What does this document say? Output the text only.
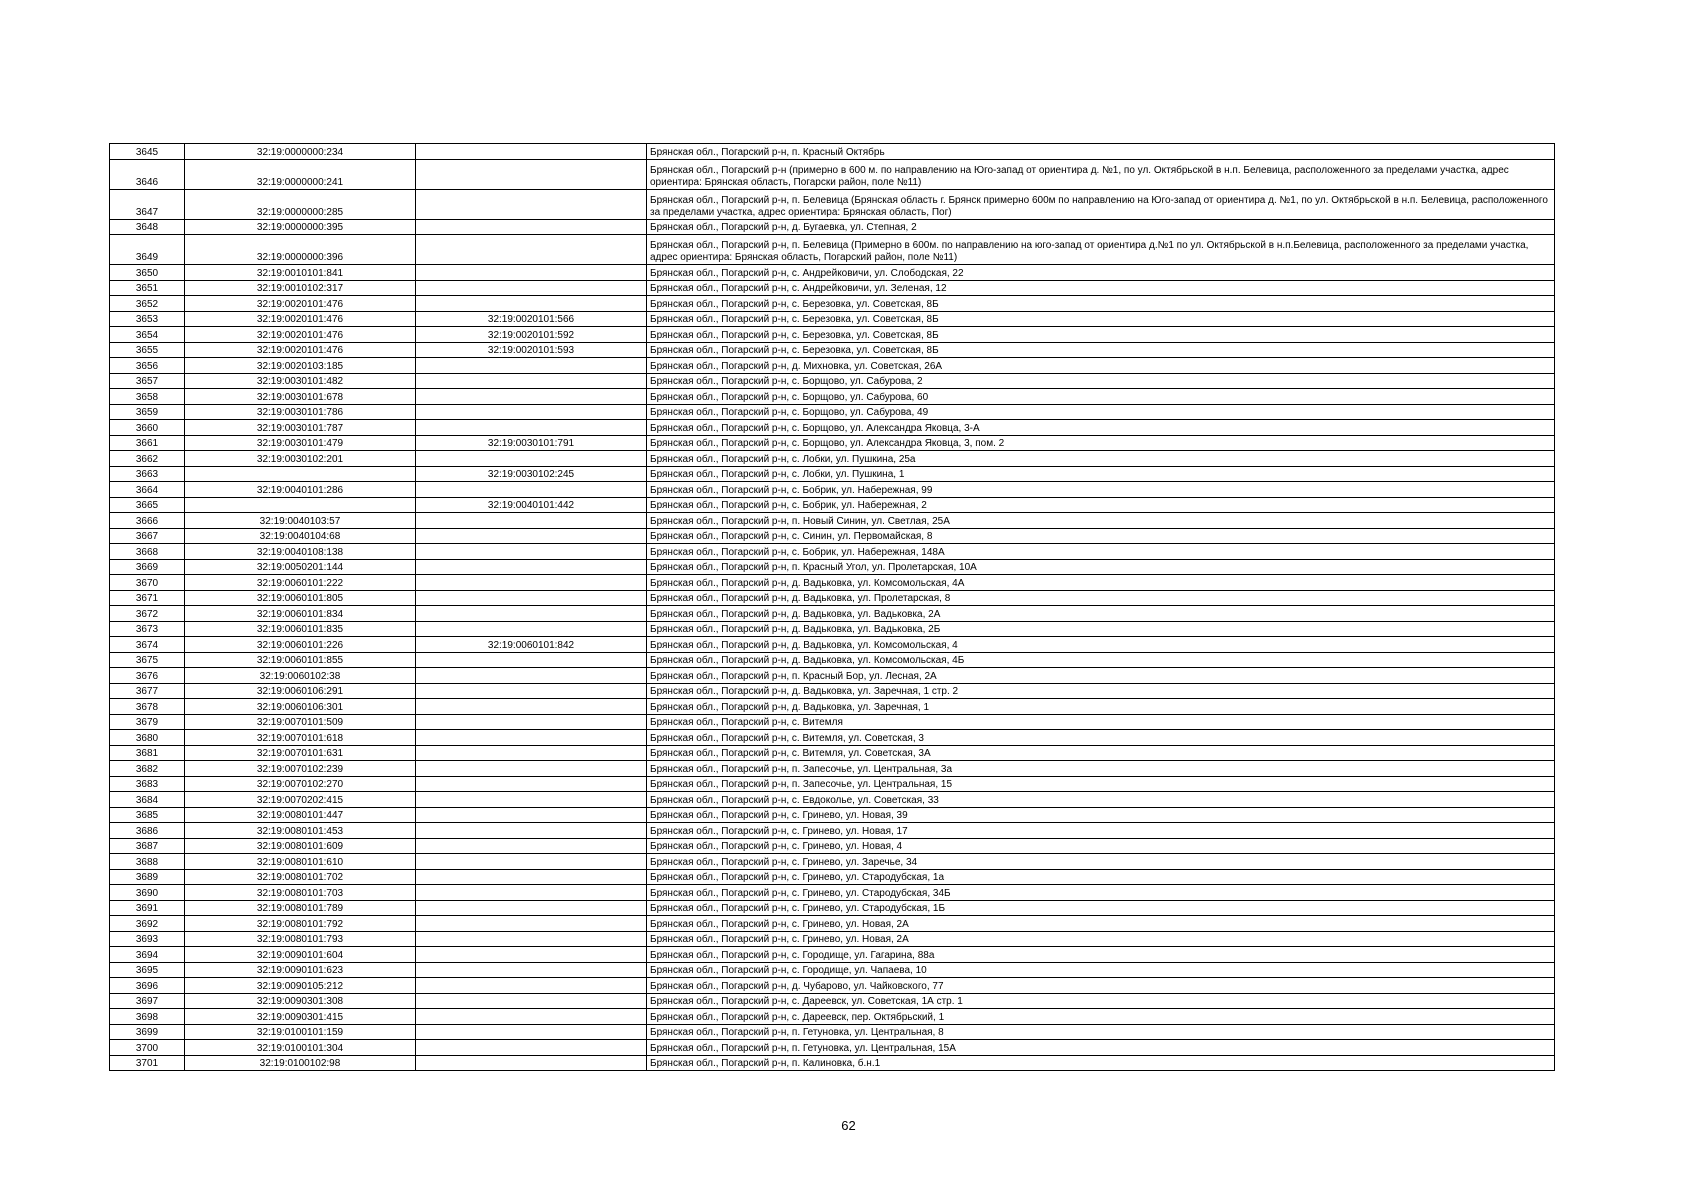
3645	32:19:0000000:234		Брянская обл., Погарский р-н, п. Красный Октябрь
3646	32:19:0000000:241		Брянская обл., Погарский р-н (примерно в 600 м. по направлению на Юго-запад от ориентира д. №1, по ул. Октябрьской в н.п. Белевица, расположенного за пределами участка, адрес ориентира: Брянская область, Погарски район, поле №11)
3647	32:19:0000000:285		Брянская обл., Погарский р-н, п. Белевица (Брянская область г. Брянск примерно 600м по направлению на Юго-запад от ориентира д. №1, по ул. Октябрьской в н.п. Белевица, расположенного за пределами участка, адрес ориентира: Брянская область, Пог)
3648	32:19:0000000:395		Брянская обл., Погарский р-н, д. Бугаевка, ул. Степная, 2
3649	32:19:0000000:396		Брянская обл., Погарский р-н, п. Белевица (Примерно в 600м. по направлению на юго-запад от ориентира д.№1 по ул. Октябрьской в н.п.Белевица, расположенного за пределами участка, адрес ориентира: Брянская область, Погарский район, поле №11)
3650	32:19:0010101:841		Брянская обл., Погарский р-н, с. Андрейковичи, ул. Слободская, 22
3651	32:19:0010102:317		Брянская обл., Погарский р-н, с. Андрейковичи, ул. Зеленая, 12
3652	32:19:0020101:476		Брянская обл., Погарский р-н, с. Березовка, ул. Советская, 8Б
3653	32:19:0020101:476	32:19:0020101:566	Брянская обл., Погарский р-н, с. Березовка, ул. Советская, 8Б
3654	32:19:0020101:476	32:19:0020101:592	Брянская обл., Погарский р-н, с. Березовка, ул. Советская, 8Б
3655	32:19:0020101:476	32:19:0020101:593	Брянская обл., Погарский р-н, с. Березовка, ул. Советская, 8Б
3656	32:19:0020103:185		Брянская обл., Погарский р-н, д. Михновка, ул. Советская, 26А
3657	32:19:0030101:482		Брянская обл., Погарский р-н, с. Борщово, ул. Сабурова, 2
3658	32:19:0030101:678		Брянская обл., Погарский р-н, с. Борщово, ул. Сабурова, 60
3659	32:19:0030101:786		Брянская обл., Погарский р-н, с. Борщово, ул. Сабурова, 49
3660	32:19:0030101:787		Брянская обл., Погарский р-н, с. Борщово, ул. Александра Яковца, 3-А
3661	32:19:0030101:479	32:19:0030101:791	Брянская обл., Погарский р-н, с. Борщово, ул. Александра Яковца, 3, пом. 2
3662	32:19:0030102:201		Брянская обл., Погарский р-н, с. Лобки, ул. Пушкина, 25а
3663		32:19:0030102:245	Брянская обл., Погарский р-н, с. Лобки, ул. Пушкина, 1
3664	32:19:0040101:286		Брянская обл., Погарский р-н, с. Бобрик, ул. Набережная, 99
3665		32:19:0040101:442	Брянская обл., Погарский р-н, с. Бобрик, ул. Набережная, 2
3666	32:19:0040103:57		Брянская обл., Погарский р-н, п. Новый Синин, ул. Светлая, 25А
3667	32:19:0040104:68		Брянская обл., Погарский р-н, с. Синин, ул. Первомайская, 8
3668	32:19:0040108:138		Брянская обл., Погарский р-н, с. Бобрик, ул. Набережная, 148А
3669	32:19:0050201:144		Брянская обл., Погарский р-н, п. Красный Угол, ул. Пролетарская, 10А
3670	32:19:0060101:222		Брянская обл., Погарский р-н, д. Вадьковка, ул. Комсомольская, 4А
3671	32:19:0060101:805		Брянская обл., Погарский р-н, д. Вадьковка, ул. Пролетарская, 8
3672	32:19:0060101:834		Брянская обл., Погарский р-н, д. Вадьковка, ул. Вадьковка, 2А
3673	32:19:0060101:835		Брянская обл., Погарский р-н, д. Вадьковка, ул. Вадьковка, 2Б
3674	32:19:0060101:226	32:19:0060101:842	Брянская обл., Погарский р-н, д. Вадьковка, ул. Комсомольская, 4
3675	32:19:0060101:855		Брянская обл., Погарский р-н, д. Вадьковка, ул. Комсомольская, 4Б
3676	32:19:0060102:38		Брянская обл., Погарский р-н, п. Красный Бор, ул. Лесная, 2А
3677	32:19:0060106:291		Брянская обл., Погарский р-н, д. Вадьковка, ул. Заречная, 1 стр. 2
3678	32:19:0060106:301		Брянская обл., Погарский р-н, д. Вадьковка, ул. Заречная, 1
3679	32:19:0070101:509		Брянская обл., Погарский р-н, с. Витемля
3680	32:19:0070101:618		Брянская обл., Погарский р-н, с. Витемля, ул. Советская, 3
3681	32:19:0070101:631		Брянская обл., Погарский р-н, с. Витемля, ул. Советская, 3А
3682	32:19:0070102:239		Брянская обл., Погарский р-н, п. Запесочье, ул. Центральная, 3а
3683	32:19:0070102:270		Брянская обл., Погарский р-н, п. Запесочье, ул. Центральная, 15
3684	32:19:0070202:415		Брянская обл., Погарский р-н, с. Евдоколье, ул. Советская, 33
3685	32:19:0080101:447		Брянская обл., Погарский р-н, с. Гринево, ул. Новая, 39
3686	32:19:0080101:453		Брянская обл., Погарский р-н, с. Гринево, ул. Новая, 17
3687	32:19:0080101:609		Брянская обл., Погарский р-н, с. Гринево, ул. Новая, 4
3688	32:19:0080101:610		Брянская обл., Погарский р-н, с. Гринево, ул. Заречье, 34
3689	32:19:0080101:702		Брянская обл., Погарский р-н, с. Гринево, ул. Стародубская, 1а
3690	32:19:0080101:703		Брянская обл., Погарский р-н, с. Гринево, ул. Стародубская, 34Б
3691	32:19:0080101:789		Брянская обл., Погарский р-н, с. Гринево, ул. Стародубская, 1Б
3692	32:19:0080101:792		Брянская обл., Погарский р-н, с. Гринево, ул. Новая, 2А
3693	32:19:0080101:793		Брянская обл., Погарский р-н, с. Гринево, ул. Новая, 2А
3694	32:19:0090101:604		Брянская обл., Погарский р-н, с. Городище, ул. Гагарина, 88а
3695	32:19:0090101:623		Брянская обл., Погарский р-н, с. Городище, ул. Чапаева, 10
3696	32:19:0090105:212		Брянская обл., Погарский р-н, д. Чубарово, ул. Чайковского, 77
3697	32:19:0090301:308		Брянская обл., Погарский р-н, с. Дареевск, ул. Советская, 1А стр. 1
3698	32:19:0090301:415		Брянская обл., Погарский р-н, с. Дареевск, пер. Октябрьский, 1
3699	32:19:0100101:159		Брянская обл., Погарский р-н, п. Гетуновка, ул. Центральная, 8
3700	32:19:0100101:304		Брянская обл., Погарский р-н, п. Гетуновка, ул. Центральная, 15А
3701	32:19:0100102:98		Брянская обл., Погарский р-н, п. Калиновка, б.н.1
62
